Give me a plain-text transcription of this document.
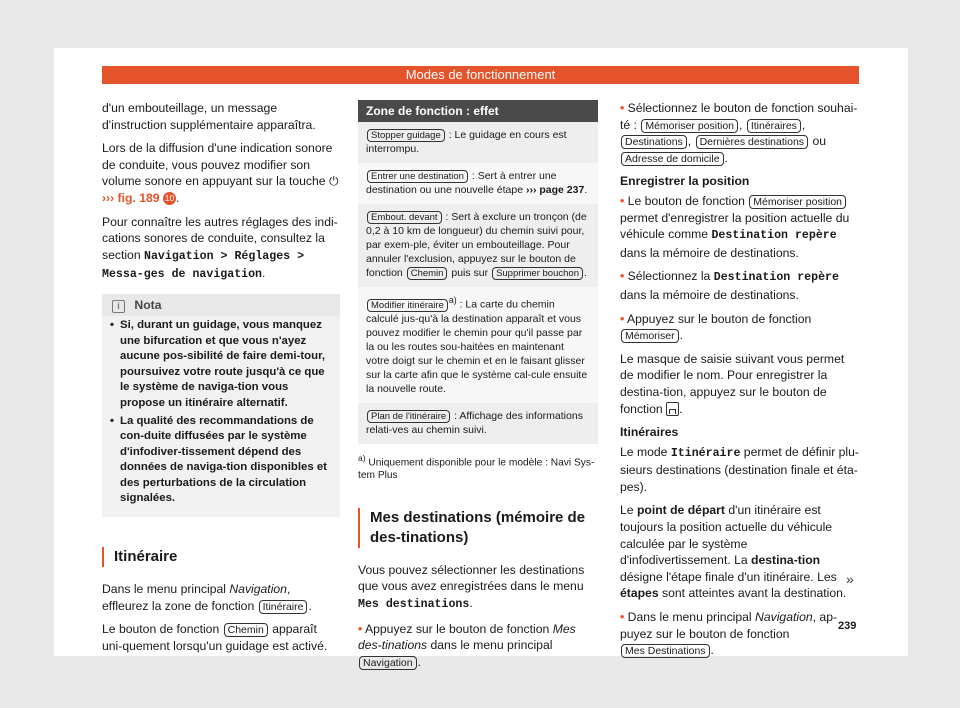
Modes de fonctionnement

d'un embouteillage, un message d'instruction supplémentaire apparaîtra.

Lors de la diffusion d'une indication sonore de conduite, vous pouvez modifier son volume sonore en appuyant sur la touche ⏻
››› fig. 189 10 .

Pour connaître les autres réglages des indi-cations sonores de conduite, consultez la section Navigation > Réglages > Messa-ges de navigation.

i Nota
• Si, durant un guidage, vous manquez une bifurcation et que vous n'ayez aucune pos-sibilité de faire demi-tour, poursuivez votre route jusqu'à ce que le système de naviga-tion vous propose un itinéraire alternatif.
• La qualité des recommandations de con-duite diffusées par le système d'infodiver-tissement dépend des données de naviga-tion disponibles et des perturbations de la circulation signalées.
Itinéraire

Dans le menu principal Navigation, effleurez la zone de fonction Itinéraire .

Le bouton de fonction Chemin apparaît uni-quement lorsqu'un guidage est activé.

Zone de fonction : effet
Stopper guidage : Le guidage en cours est interrompu.
Entrer une destination : Sert à entrer une destination ou une nouvelle étape ››› page 237.
Embout. devant : Sert à exclure un tronçon (de 0,2 à 10 km de longueur) du chemin suivi pour, par exem-ple, éviter un embouteillage. Pour annuler l'exclusion, appuyez sur le bouton de fonction Chemin puis sur Supprimer bouchon .
Modifier itinéraire $^{a)}$ : La carte du chemin calculé jus-qu'à la destination apparaît et vous pouvez modifier le chemin pour qu'il passe par la ou les routes sou-haitées en maintenant votre doigt sur le chemin et en le faisant glisser sur la carte afin que le système cal-cule ensuite la nouvelle route.
Plan de l'itinéraire : Affichage des informations relati-ves au chemin suivi.
$^{a)}$ Uniquement disponible pour le modèle : Navi Sys-tem Plus
Mes destinations (mémoire de des-tinations)

Vous pouvez sélectionner les destinations que vous avez enregistrées dans le menu Mes destinations.

• Appuyez sur le bouton de fonction Mes des-tinations dans le menu principal Navigation .

• Sélectionnez le bouton de fonction souhai-té : Mémoriser position , Itinéraires , Destinations , Dernières destinations ou Adresse de domicile .

Enregistrer la position

• Le bouton de fonction Mémoriser position permet d'enregistrer la position actuelle du véhicule comme Destination repère dans la mémoire de destinations.

• Sélectionnez la Destination repère dans la mémoire de destinations.

• Appuyez sur le bouton de fonction Mémoriser .

Le masque de saisie suivant vous permet de modifier le nom. Pour enregistrer la destina-tion, appuyez sur le bouton de fonction .

Itinéraires

Le mode Itinéraire permet de définir plu-sieurs destinations (destination finale et éta-pes).

Le point de départ d'un itinéraire est toujours la position actuelle du véhicule calculée par le système d'infodivertissement. La destina-tion désigne l'étape finale d'un itinéraire. Les étapes sont atteintes avant la destination.

• Dans le menu principal Navigation, ap-puyez sur le bouton de fonction Mes Destinations .

»
239
